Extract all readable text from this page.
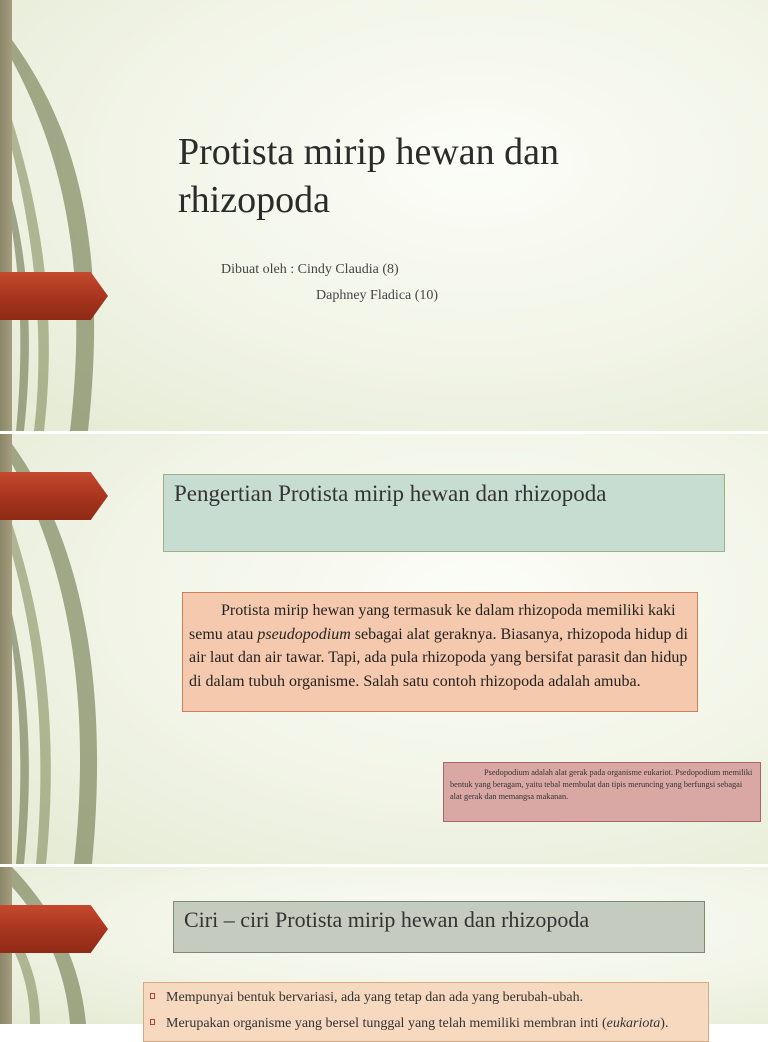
Protista mirip hewan dan rhizopoda
Dibuat oleh : Cindy Claudia (8)
Daphney Fladica (10)
Pengertian Protista mirip hewan dan rhizopoda
Protista mirip hewan yang termasuk ke dalam rhizopoda memiliki kaki semu atau pseudopodium sebagai alat geraknya. Biasanya, rhizopoda hidup di air laut dan air tawar. Tapi, ada pula rhizopoda yang bersifat parasit dan hidup di dalam tubuh organisme. Salah satu contoh rhizopoda adalah amuba.
Psedopodium adalah alat gerak pada organisme eukariot. Psedopodium memiliki bentuk yang beragam, yaitu tebal membulat dan tipis meruncing yang berfungsi sebagai alat gerak dan memangsa makanan.
Ciri – ciri Protista mirip hewan dan rhizopoda
Mempunyai bentuk bervariasi, ada yang tetap dan ada yang berubah-ubah.
Merupakan organisme yang bersel tunggal yang telah memiliki membran inti (eukariota).
